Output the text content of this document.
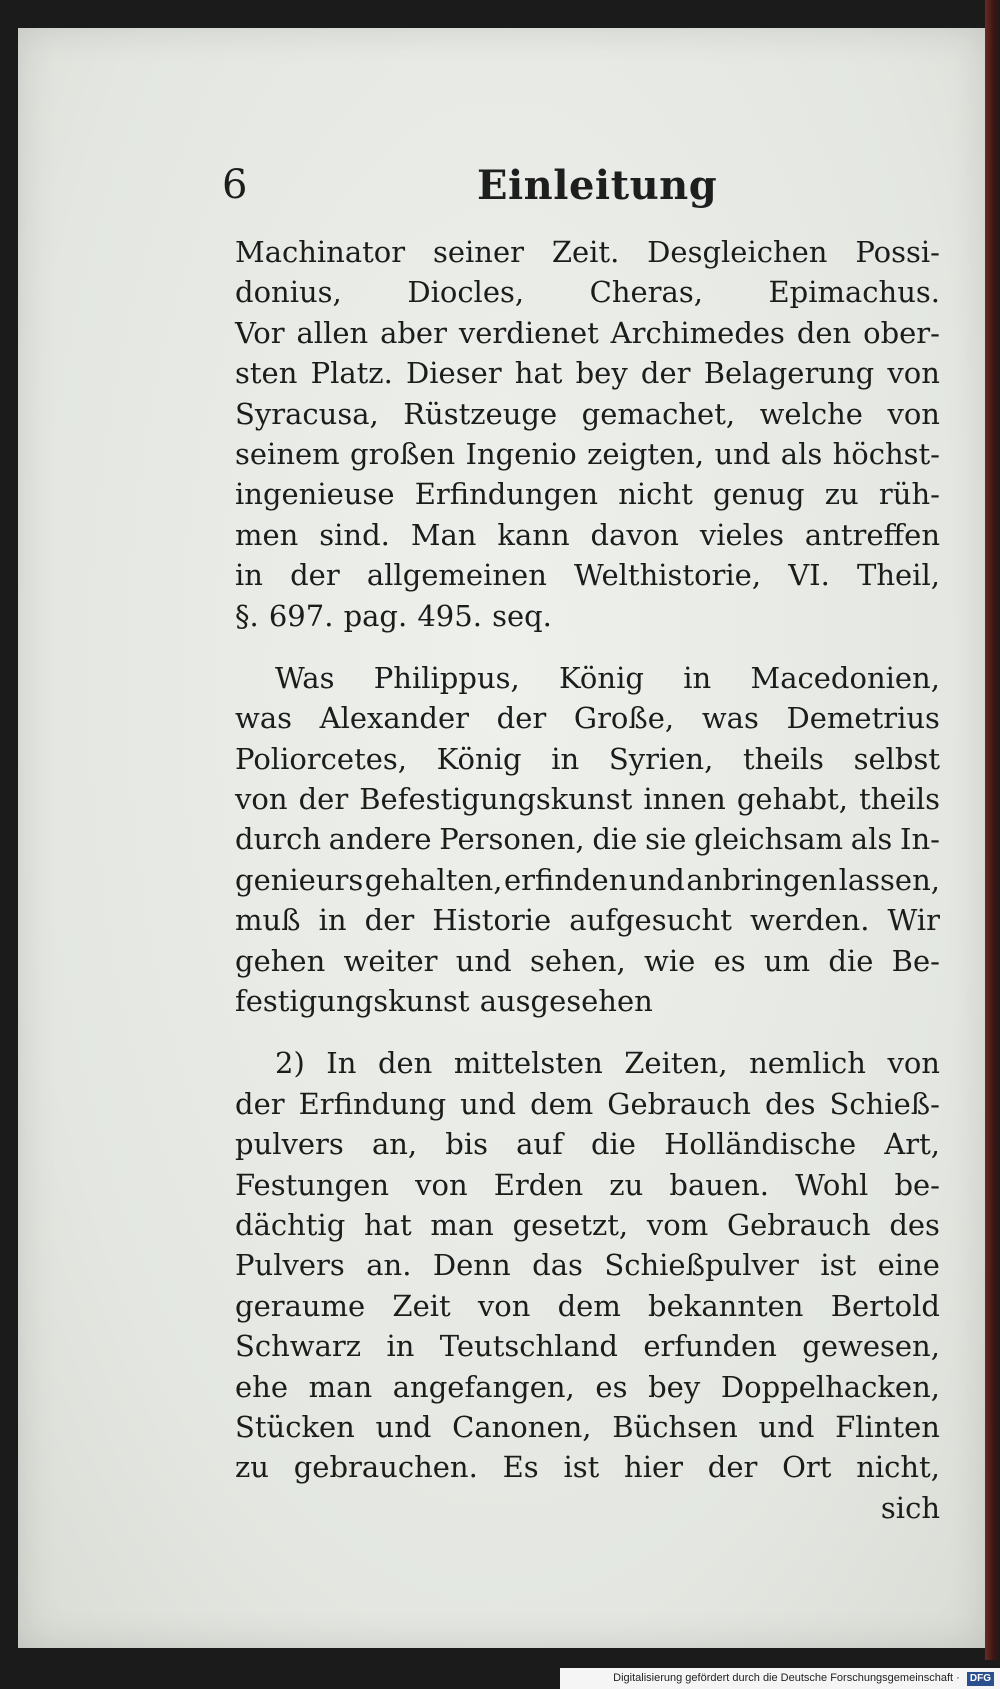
6	Einleitung
Machinator seiner Zeit. Desgleichen Possi-
donius, Diocles, Cheras, Epimachus.
Vor allen aber verdienet Archimedes den ober-
sten Platz. Dieser hat bey der Belagerung von
Syracusa, Rüstzeuge gemachet, welche von
seinem großen Ingenio zeigten, und als höchst-
ingenieuse Erfindungen nicht genug zu rüh-
men sind. Man kann davon vieles antreffen
in der allgemeinen Welthistorie, VI. Theil,
§. 697. pag. 495. seq.
Was Philippus, König in Macedonien,
was Alexander der Große, was Demetrius
Poliorcetes, König in Syrien, theils selbst
von der Befestigungskunst innen gehabt, theils
durch andere Personen, die sie gleichsam als In-
genieurs gehalten, erfinden und anbringen lassen,
muß in der Historie aufgesucht werden. Wir
gehen weiter und sehen, wie es um die Be-
festigungskunst ausgesehen
2) In den mittelsten Zeiten, nemlich von
der Erfindung und dem Gebrauch des Schieß-
pulvers an, bis auf die Holländische Art,
Festungen von Erden zu bauen. Wohl be-
dächtig hat man gesetzt, vom Gebrauch des
Pulvers an. Denn das Schießpulver ist eine
geraume Zeit von dem bekannten Bertold
Schwarz in Teutschland erfunden gewesen,
ehe man angefangen, es bey Doppelhacken,
Stücken und Canonen, Büchsen und Flinten
zu gebrauchen. Es ist hier der Ort nicht,
sich
Digitalisierung gefördert durch die Deutsche Forschungsgemeinschaft · DFG
